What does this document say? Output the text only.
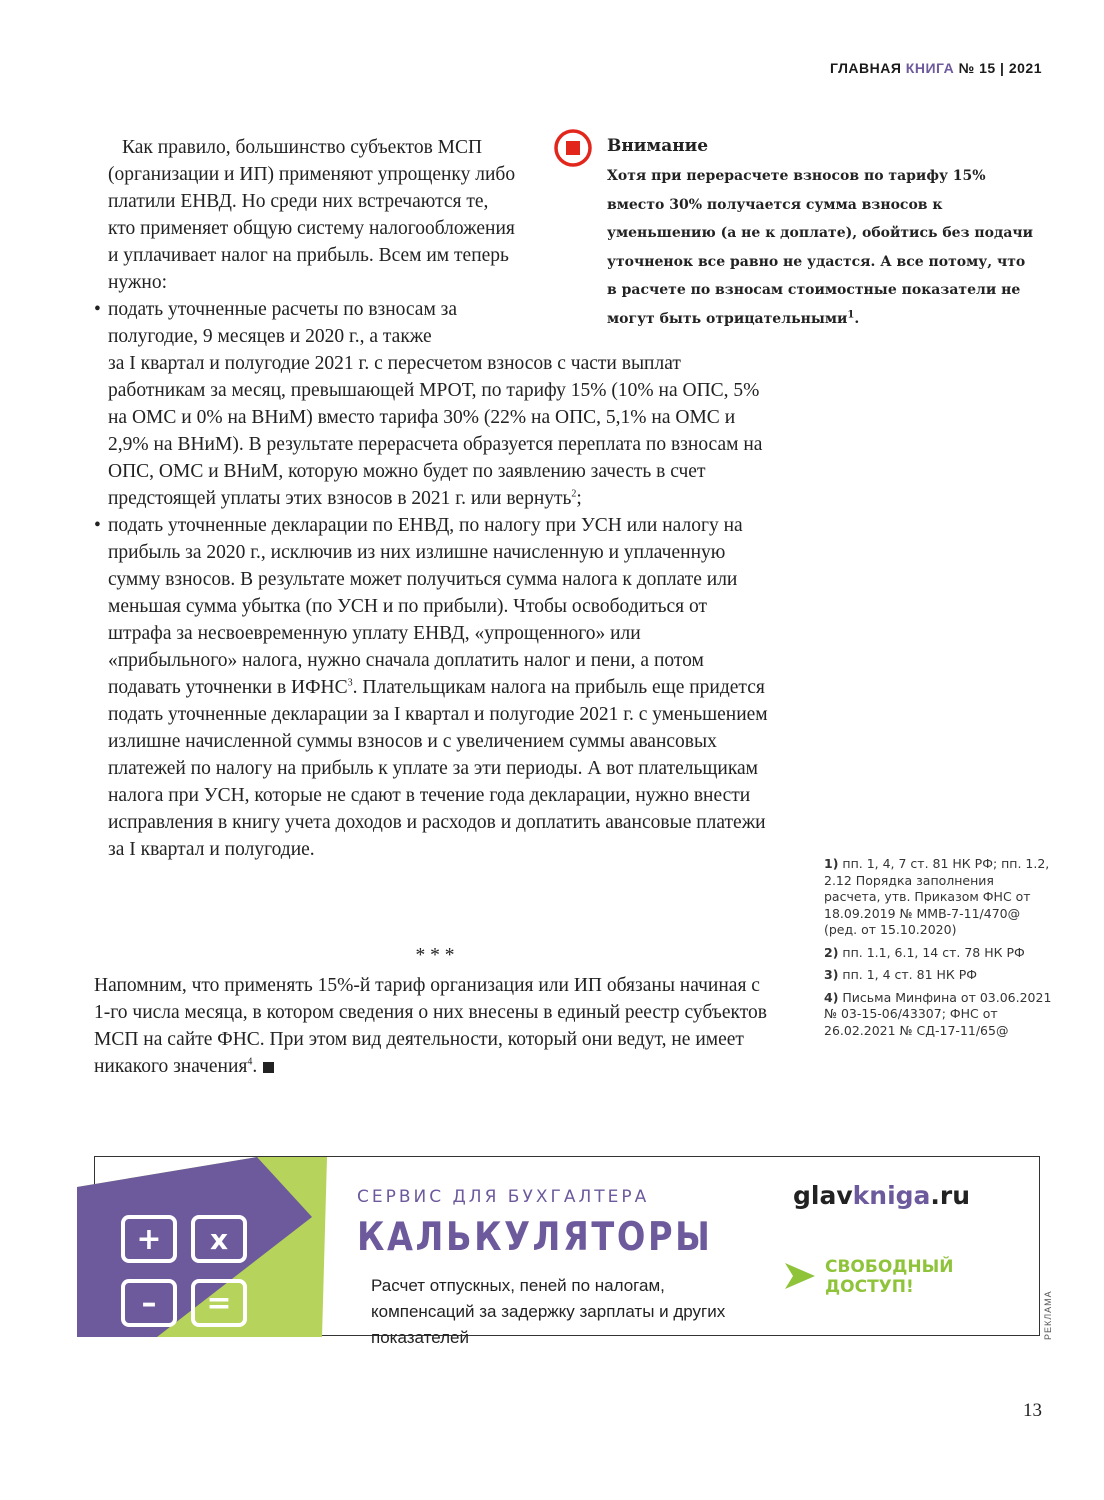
ГЛАВНАЯ КНИГА № 15 | 2021

Как правило, большинство субъектов МСП (организации и ИП) применяют упрощенку либо платили ЕНВД. Но среди них встречаются те, кто применяет общую систему налогообложения и уплачивает налог на прибыль. Всем им теперь нужно:

• подать уточненные расчеты по взносам за полугодие, 9 месяцев и 2020 г., а также
за I квартал и полугодие 2021 г. с пересчетом взносов с части выплат работникам за месяц, превышающей МРОТ, по тарифу 15% (10% на ОПС, 5% на ОМС и 0% на ВНиМ) вместо тарифа 30% (22% на ОПС, 5,1% на ОМС и 2,9% на ВНиМ). В результате перерасчета образуется переплата по взносам на ОПС, ОМС и ВНиМ, которую можно будет по заявлению зачесть в счет предстоящей уплаты этих взносов в 2021 г. или вернуть$^2$;
• подать уточненные декларации по ЕНВД, по налогу при УСН или налогу на прибыль за 2020 г., исключив из них излишне начисленную и уплаченную сумму взносов. В результате может получиться сумма налога к доплате или меньшая сумма убытка (по УСН и по прибыли). Чтобы освободиться от штрафа за несвоевременную уплату ЕНВД, «упрощенного» или «прибыльного» налога, нужно сначала доплатить налог и пени, а потом подавать уточненки в ИФНС$^3$. Плательщикам налога на прибыль еще придется подать уточненные декларации за I квартал и полугодие 2021 г. с уменьшением излишне начисленной суммы взносов и с увеличением суммы авансовых платежей по налогу на прибыль к уплате за эти периоды. А вот плательщикам налога при УСН, которые не сдают в течение года декларации, нужно внести исправления в книгу учета доходов и расходов и доплатить авансовые платежи за I квартал и полугодие.
* * *

Напомним, что применять 15%-й тариф организация или ИП обязаны начиная с 1-го числа месяца, в котором сведения о них внесены в единый реестр субъектов МСП на сайте ФНС. При этом вид деятельности, который они ведут, не имеет никакого значения$^4$.

Внимание
Хотя при перерасчете взносов по тарифу 15% вместо 30% получается сумма взносов к уменьшению (а не к доплате), обойтись без подачи уточненок все равно не удастся. А все потому, что в расчете по взносам стоимостные показатели не могут быть отрицательными$^1$.
1) пп. 1, 4, 7 ст. 81 НК РФ; пп. 1.2, 2.12 Порядка заполнения расчета, утв. Приказом ФНС от 18.09.2019 № ММВ-7-11/470@ (ред. от 15.10.2020)
2) пп. 1.1, 6.1, 14 ст. 78 НК РФ
3) пп. 1, 4 ст. 81 НК РФ
4) Письма Минфина от 03.06.2021 № 03-15-06/43307; ФНС от 26.02.2021 № СД-17-11/65@
+ x
– =
СЕРВИС ДЛЯ БУХГАЛТЕРА
КАЛЬКУЛЯТОРЫ
Расчет отпускных, пеней по налогам, компенсаций за задержку зарплаты и других показателей
glavkniga.ru
СВОБОДНЫЙ ДОСТУП!
РЕКЛАМА
13
